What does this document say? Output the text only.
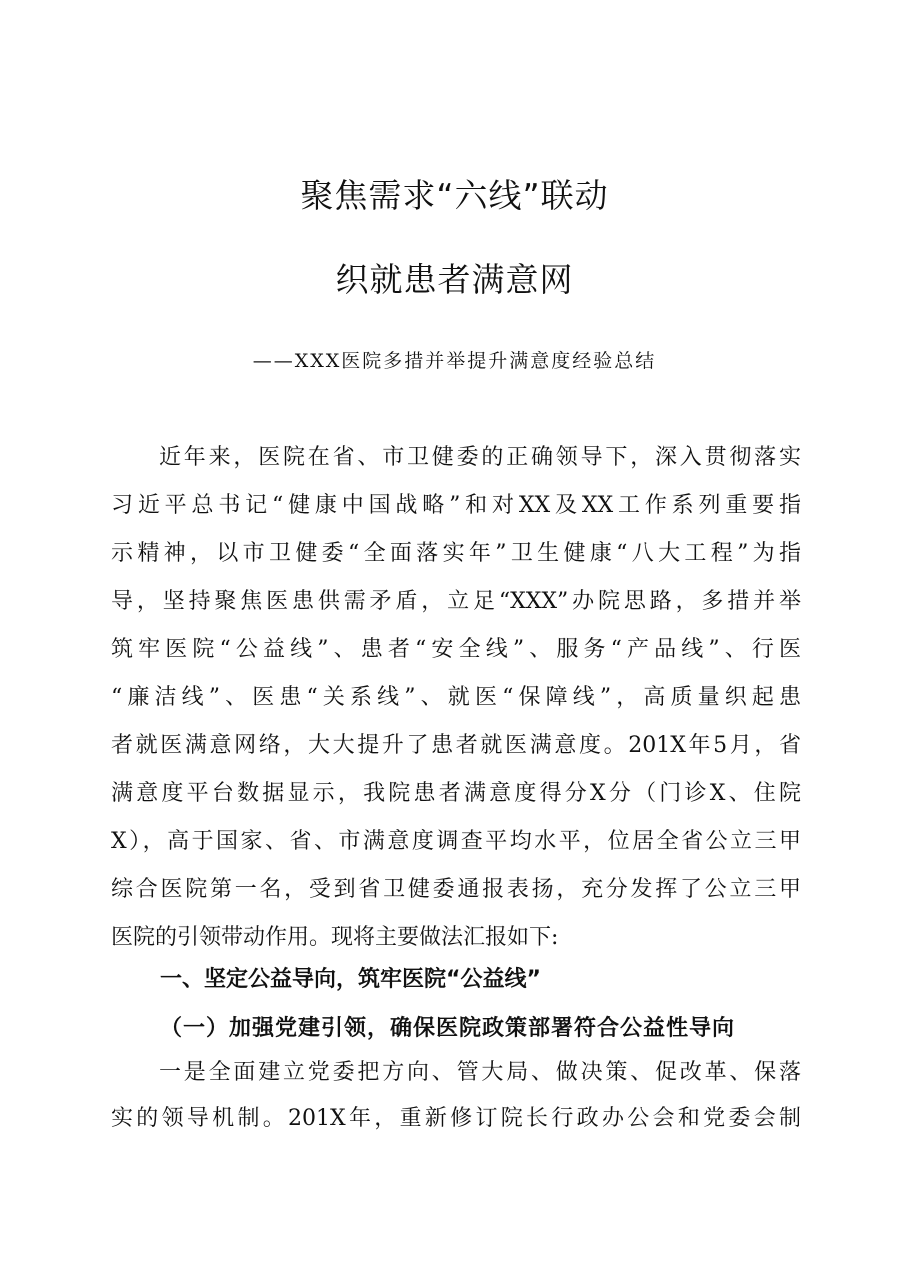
聚焦需求“六线”联动
织就患者满意网
——XXX医院多措并举提升满意度经验总结
近年来，医院在省、市卫健委的正确领导下，深入贯彻落实
习近平总书记“健康中国战略”和对XX及XX工作系列重要指
示精神，以市卫健委“全面落实年”卫生健康“八大工程”为指
导，坚持聚焦医患供需矛盾，立足“XXX”办院思路，多措并举
筑牢医院“公益线”、患者“安全线”、服务“产品线”、行医
“廉洁线”、医患“关系线”、就医“保障线”，高质量织起患
者就医满意网络，大大提升了患者就医满意度。201X年5月，省
满意度平台数据显示，我院患者满意度得分X分（门诊X、住院
X），高于国家、省、市满意度调查平均水平，位居全省公立三甲
综合医院第一名，受到省卫健委通报表扬，充分发挥了公立三甲
医院的引领带动作用。现将主要做法汇报如下:
一、坚定公益导向，筑牢医院“公益线”
（一）加强党建引领，确保医院政策部署符合公益性导向
一是全面建立党委把方向、管大局、做决策、促改革、保落
实的领导机制。201X年，重新修订院长行政办公会和党委会制
